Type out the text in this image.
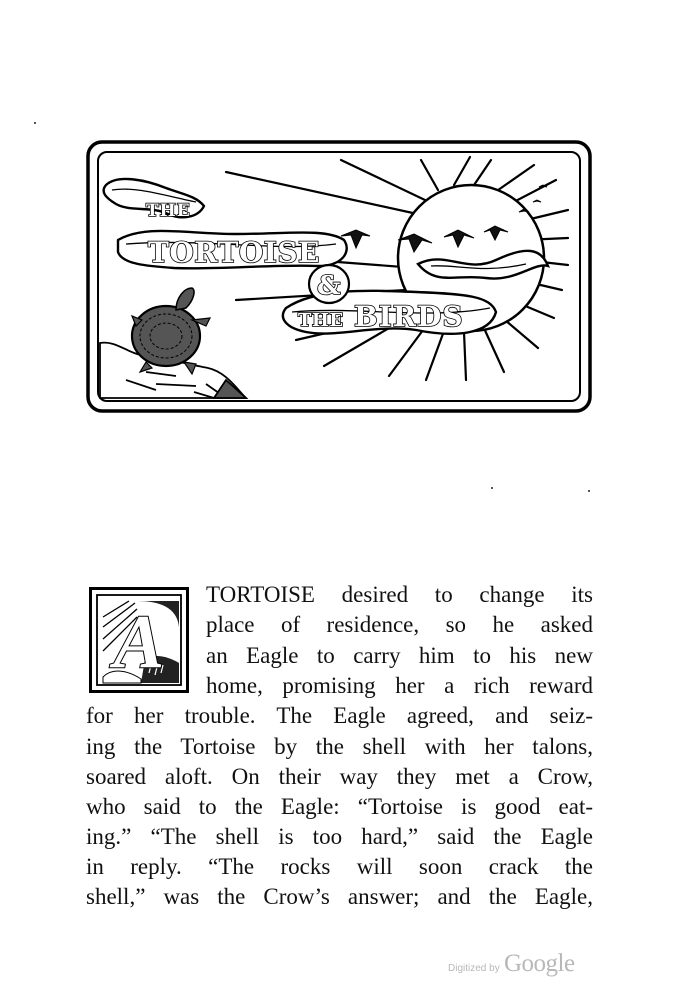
THE
TORTOISE
&
THE BIRDS
A
TORTOISE desired to change its
place of residence, so he asked
an Eagle to carry him to his new
home, promising her a rich reward
for her trouble. The Eagle agreed, and seiz-
ing the Tortoise by the shell with her talons,
soared aloft. On their way they met a Crow,
who said to the Eagle: “Tortoise is good eat-
ing.” “The shell is too hard,” said the Eagle
in reply. “The rocks will soon crack the
shell,” was the Crow’s answer; and the Eagle,
Digitized by Google
